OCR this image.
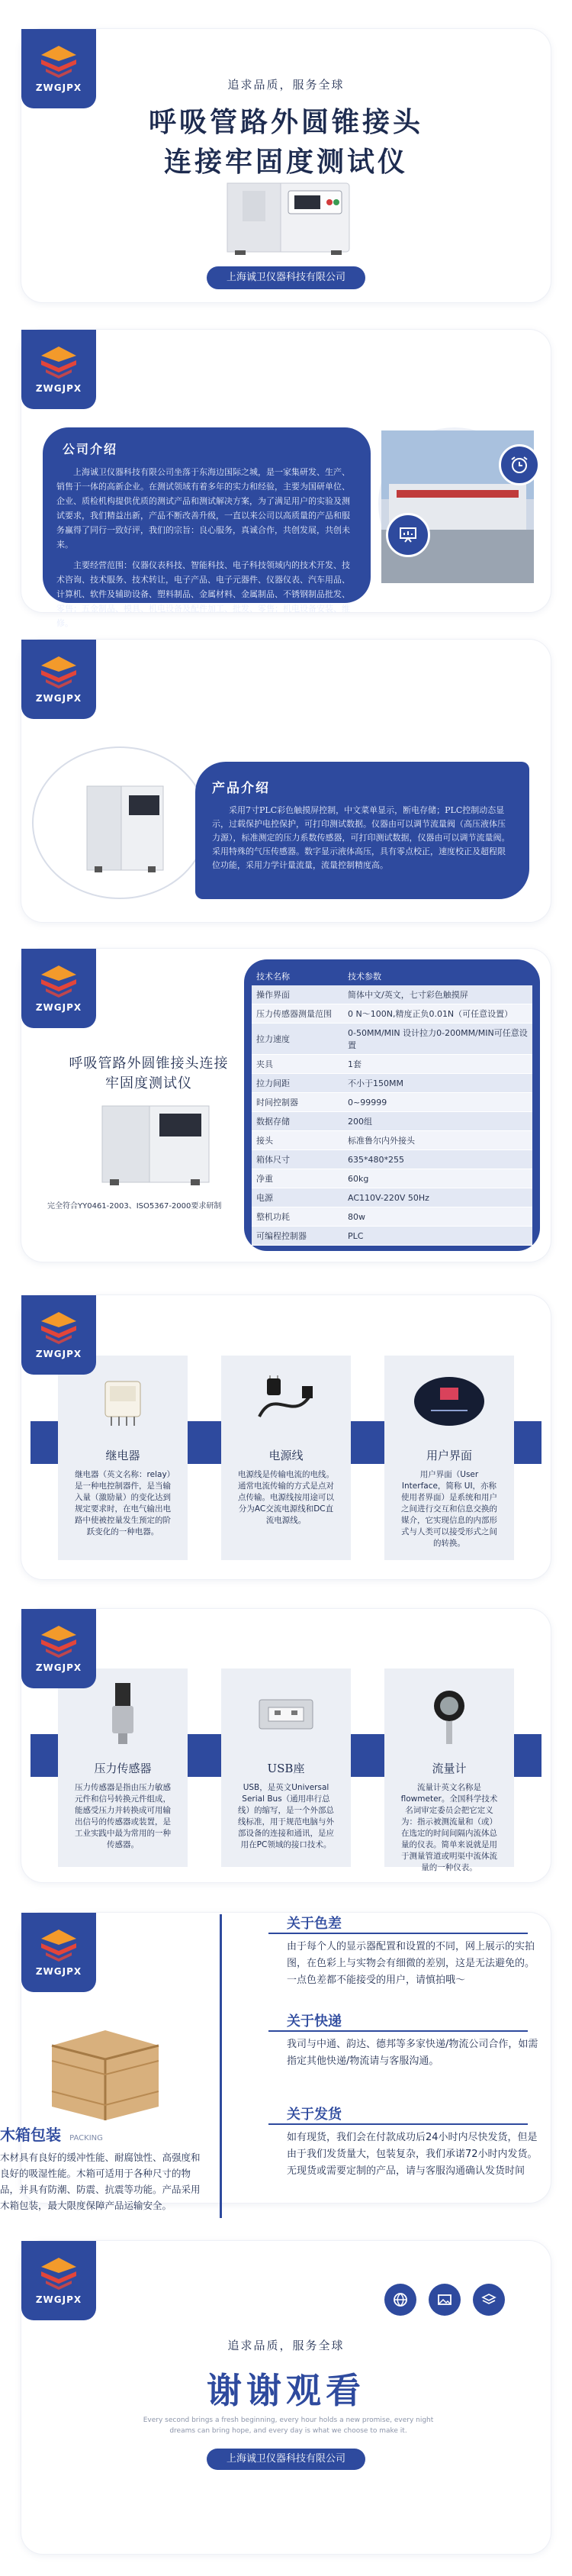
追求品质，服务全球
呼吸管路外圆锥接头
连接牢固度测试仪
上海诚卫仪器科技有限公司
ZWGJPX
公司介绍

上海诚卫仪器科技有限公司坐落于东海边国际之城，是一家集研发、生产、销售于一体的高新企业。在测试领域有着多年的实力和经验，主要为国研单位、企业、质检机构提供优质的测试产品和测试解决方案，为了满足用户的实验及测试要求，我们精益出新，产品不断改善升级，一直以来公司以高质量的产品和服务赢得了同行一致好评，我们的宗旨：良心服务，真诚合作，共创发展，共创未来。

主要经营范围：仪器仪表科技、智能科技、电子科技领域内的技术开发、技术咨询、技术服务、技术转让，电子产品、电子元器件、仪器仪表、汽车用品、计算机、软件及辅助设备、塑料制品、金属材料、金属制品、不锈钢制品批发、零售；五金制品、模具、机电设备及配件加工、批发、零售；机电设备安装、维修。

ZWGJPX
产品介绍

采用7寸PLC彩色触摸屏控制，中文菜单显示，断电存储；PLC控制动态显示，过载保护电控保护，可打印测试数据。仪器由可以调节流量阀（高压液体压力源），标准测定的压力系数传感器，可打印测试数据，仪器由可以调节流量阀。采用特殊的气压传感器。数字显示液体高压，具有零点校正，速度校正及超程限位功能，采用力学计量流量，流量控制精度高。

ZWGJPX
呼吸管路外圆锥接头连接牢固度测试仪
完全符合YY0461-2003、ISO5367-2000要求研制
技术名称	技术参数
操作界面	简体中文/英文，七寸彩色触摸屏
压力传感器测量范围	0 N～100N,精度正负0.01N（可任意设置）
拉力速度	0-50MM/MIN 设计拉力0-200MM/MIN可任意设置
夹具	1套
拉力间距	不小于150MM
时间控制器	0~99999
数据存储	200组
接头	标准鲁尔内外接头
箱体尺寸	635*480*255
净重	60kg
电源	AC110V-220V 50Hz
整机功耗	80w
可编程控制器	PLC
ZWGJPX
ZWGJPX
继电器
继电器（英文名称：relay）是一种电控制器件，是当输入量（激励量）的变化达到规定要求时，在电气输出电路中使被控量发生预定的阶跃变化的一种电器。
电源线
电源线是传输电流的电线。通常电流传输的方式是点对点传输。电源线按用途可以分为AC交流电源线和DC直流电源线。
用户界面
用户界面（User Interface，简称 UI，亦称使用者界面）是系统和用户之间进行交互和信息交换的媒介，它实现信息的内部形式与人类可以接受形式之间的转换。
ZWGJPX
压力传感器
压力传感器是指由压力敏感元件和信号转换元件组成，能感受压力并转换成可用输出信号的传感器或装置，是工业实践中最为常用的一种传感器。
USB座
USB，是英文Universal Serial Bus（通用串行总线）的缩写，是一个外部总线标准，用于规范电脑与外部设备的连接和通讯，是应用在PC领域的接口技术。
流量计
流量计英文名称是flowmeter。全国科学技术名词审定委员会把它定义为：指示被测流量和（或）在选定的时间间隔内流体总量的仪表。简单来说就是用于测量管道或明渠中流体流量的一种仪表。
ZWGJPX
木箱包装 PACKING

木材具有良好的缓冲性能、耐腐蚀性、高强度和良好的吸湿性能。木箱可适用于各种尺寸的物品，并具有防潮、防震、抗震等功能。产品采用木箱包装，最大限度保障产品运输安全。

关于色差

由于每个人的显示器配置和设置的不同，网上展示的实拍图，在色彩上与实物会有细微的差别，这是无法避免的。一点色差都不能接受的用户，请慎拍哦～

关于快递

我司与中通、韵达、德邦等多家快递/物流公司合作，如需指定其他快递/物流请与客服沟通。

关于发货

如有现货，我们会在付款成功后24小时内尽快发货，但是由于我们发货量大，包装复杂，我们承诺72小时内发货。无现货或需要定制的产品，请与客服沟通确认发货时间

追求品质，服务全球
谢谢观看

Every second brings a fresh beginning, every hour holds a new promise, every night dreams can bring hope, and every day is what we choose to make it.

上海诚卫仪器科技有限公司
ZWGJPX
